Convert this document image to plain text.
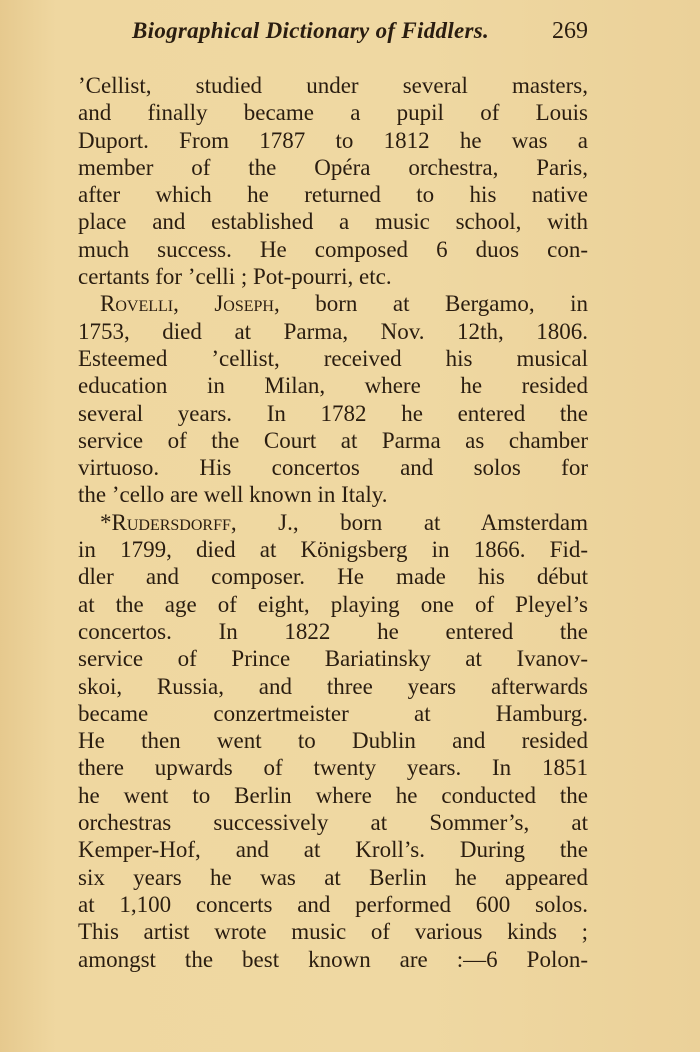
Biographical Dictionary of Fiddlers.	269
’Cellist, studied under several masters,
and finally became a pupil of Louis
Duport. From 1787 to 1812 he was a
member of the Opéra orchestra, Paris,
after which he returned to his native
place and established a music school, with
much success. He composed 6 duos con-
certants for ’celli ; Pot-pourri, etc.
Rovelli, Joseph, born at Bergamo, in
1753, died at Parma, Nov. 12th, 1806.
Esteemed ’cellist, received his musical
education in Milan, where he resided
several years. In 1782 he entered the
service of the Court at Parma as chamber
virtuoso. His concertos and solos for
the ’cello are well known in Italy.
*Rudersdorff, J., born at Amsterdam
in 1799, died at Königsberg in 1866. Fid-
dler and composer. He made his début
at the age of eight, playing one of Pleyel’s
concertos. In 1822 he entered the
service of Prince Bariatinsky at Ivanov-
skoi, Russia, and three years afterwards
became conzertmeister at Hamburg.
He then went to Dublin and resided
there upwards of twenty years. In 1851
he went to Berlin where he conducted the
orchestras successively at Sommer’s, at
Kemper-Hof, and at Kroll’s. During the
six years he was at Berlin he appeared
at 1,100 concerts and performed 600 solos.
This artist wrote music of various kinds ;
amongst the best known are :—6 Polon-
